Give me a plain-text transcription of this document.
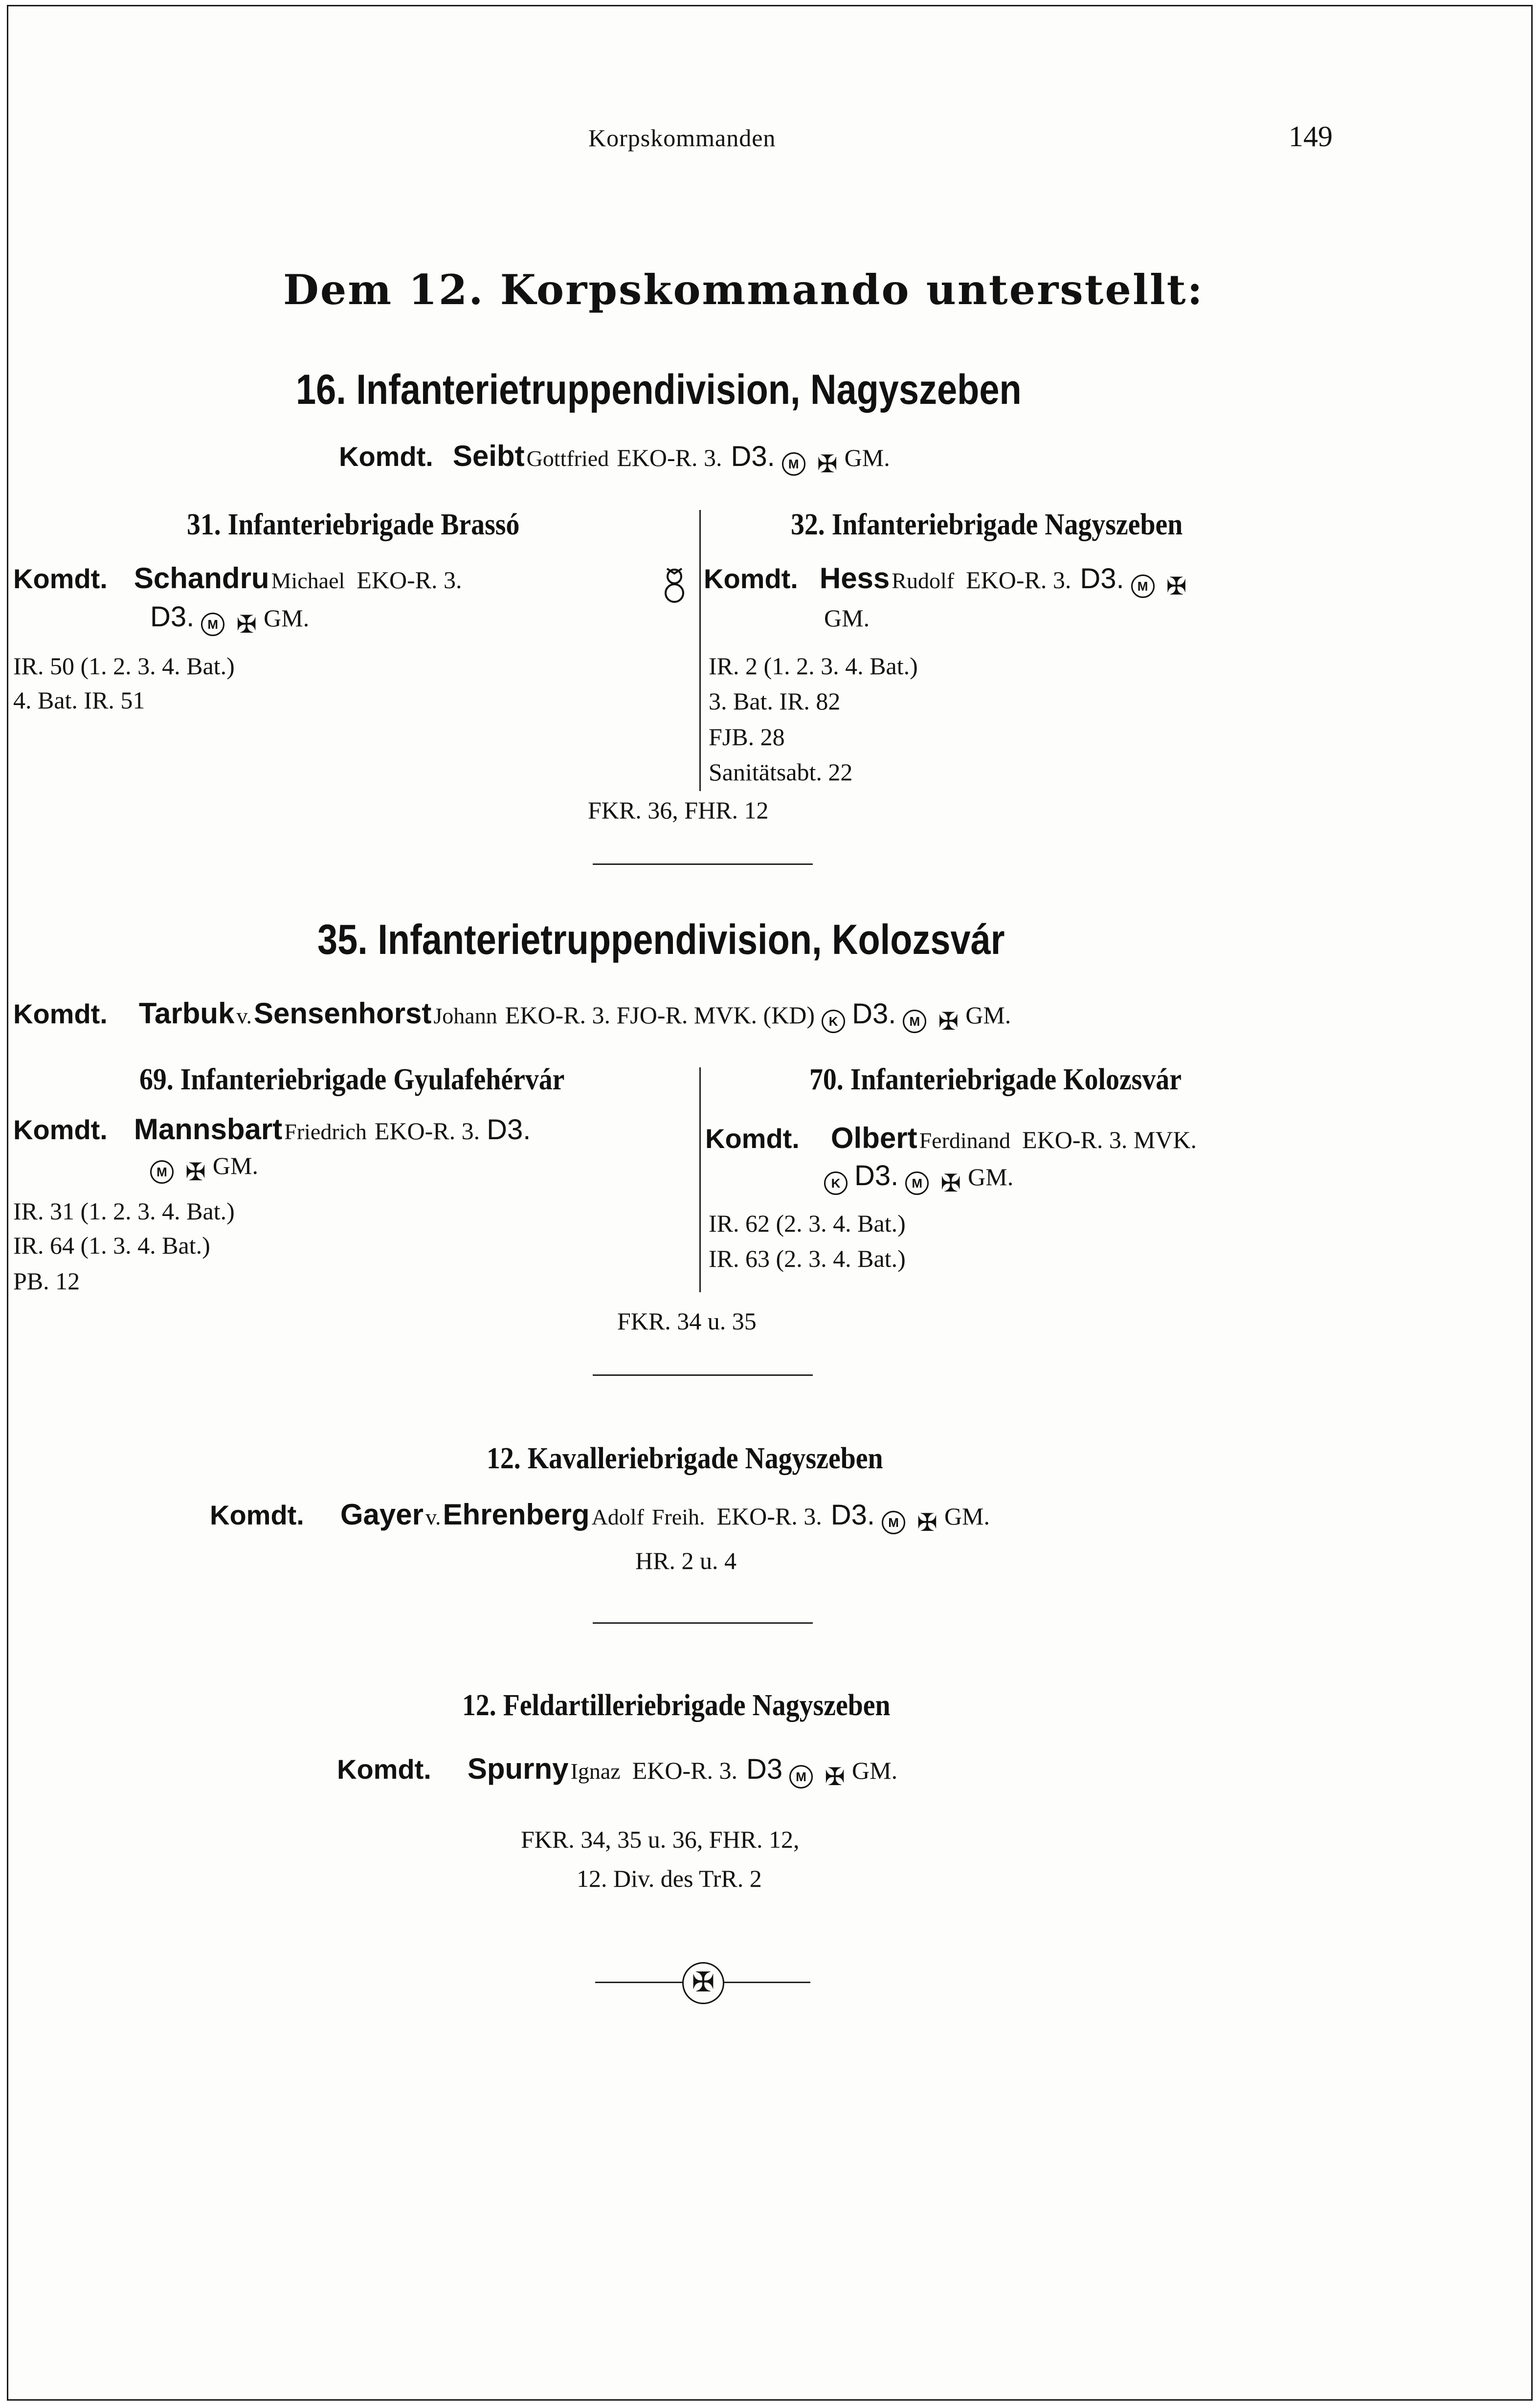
Korpskommanden	149
Dem 12. Korpskommando unterstellt:
16. Infanterietruppendivision, Nagyszeben
Komdt. Seibt Gottfried EKO-R. 3. D3. M ✠ GM.
31. Infanteriebrigade Brassó
Komdt. Schandru Michael EKO-R. 3.
D3. M ✠ GM.
IR. 50 (1. 2. 3. 4. Bat.)
4. Bat. IR. 51
32. Infanteriebrigade Nagyszeben
Komdt. Hess Rudolf EKO-R. 3. D3. M ✠
GM.
IR. 2 (1. 2. 3. 4. Bat.)
3. Bat. IR. 82
FJB. 28
Sanitätsabt. 22
FKR. 36, FHR. 12
35. Infanterietruppendivision, Kolozsvár
Komdt. Tarbuk v. Sensenhorst Johann EKO-R. 3. FJO-R. MVK. (KD) K D3. M ✠ GM.
69. Infanteriebrigade Gyulafehérvár
Komdt. Mannsbart Friedrich EKO-R. 3. D3.
M ✠ GM.
IR. 31 (1. 2. 3. 4. Bat.)
IR. 64 (1. 3. 4. Bat.)
PB. 12
70. Infanteriebrigade Kolozsvár
Komdt. Olbert Ferdinand EKO-R. 3. MVK.
K D3. M ✠ GM.
IR. 62 (2. 3. 4. Bat.)
IR. 63 (2. 3. 4. Bat.)
FKR. 34 u. 35
12. Kavalleriebrigade Nagyszeben
Komdt. Gayer v. Ehrenberg Adolf Freih. EKO-R. 3. D3. M ✠ GM.
HR. 2 u. 4
12. Feldartilleriebrigade Nagyszeben
Komdt. Spurny Ignaz EKO-R. 3. D3 M ✠ GM.
FKR. 34, 35 u. 36, FHR. 12,
12. Div. des TrR. 2
✠
